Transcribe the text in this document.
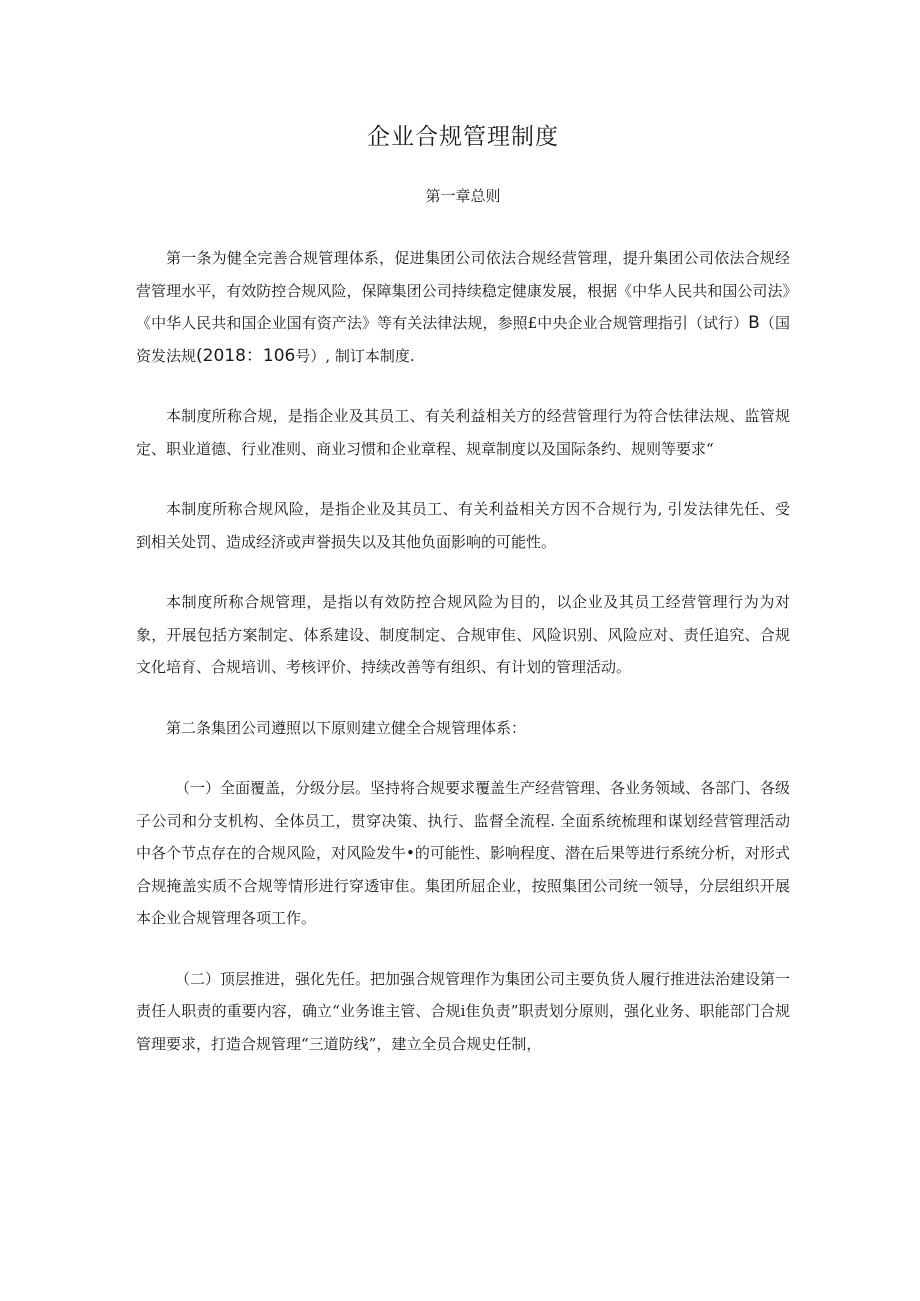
企业合规管理制度
第一章总则

第一条为健全完善合规管理体系，促进集团公司依法合规经营管理，提升集团公司依法合规经营管理水平，有效防控合规风险，保障集团公司持续稳定健康发展，根据《中华人民共和国公司法》《中华人民共和国企业国有资产法》等有关法律法规，参照£中央企业合规管理指引（试行）B（国资发法规(2018：106号）, 制订本制度.

本制度所称合规，是指企业及其员工、有关利益相关方的经营管理行为符合怯律法规、监管规定、职业道德、行业准则、商业习惯和企业章程、规章制度以及国际条约、规则等要求“

本制度所称合规风险，是指企业及其员工、有关利益相关方因不合规行为, 引发法律先任、受到相关处罚、造成经济或声誉损失以及其他负面影响的可能性。

本制度所称合规管理，是指以有效防控合规风险为目的，以企业及其员工经营管理行为为对象，开展包括方案制定、体系建设、制度制定、合规审隹、风险识别、风险应对、责任追究、合规文化培育、合规培训、考核评价、持续改善等有组织、有计划的管理活动。

第二条集团公司遵照以下原则建立健全合规管理体系：

（一）全面覆盖，分级分层。坚持将合规要求覆盖生产经营管理、各业务领域、各部门、各级子公司和分支机构、全体员工，贯穿决策、执行、监督全流程. 全面系统梳理和谋划经营管理活动中各个节点存在的合规风险，对风险发牛•的可能性、影响程度、潜在后果等进行系统分析，对形式合规掩盖实质不合规等情形进行穿透审隹。集团所屈企业，按照集团公司统一领导，分层组织开展本企业合规管理各项工作。

（二）顶层推进，强化先任。把加强合规管理作为集团公司主要负货人履行推进法治建设第一责任人职责的重要内容，确立“业务谁主管、合规i隹负责”职责划分原则，强化业务、职能部门合规管理要求，打造合规管理“三道防线”，建立全员合规史任制，
